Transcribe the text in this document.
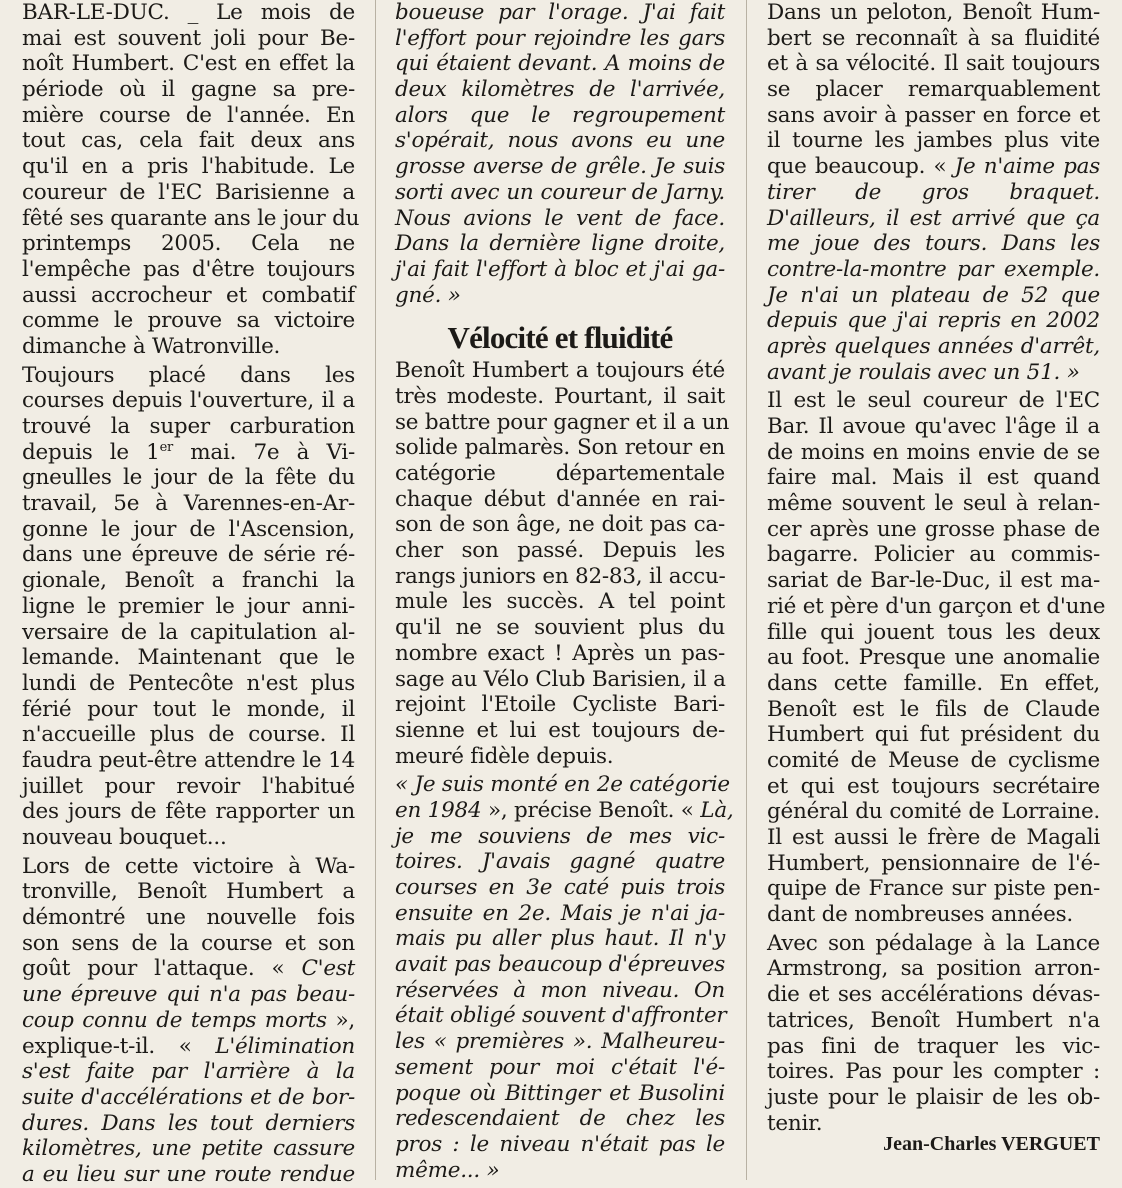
BAR-LE-DUC. _ Le mois de
mai est souvent joli pour Be-
noît Humbert. C'est en effet la
période où il gagne sa pre-
mière course de l'année. En
tout cas, cela fait deux ans
qu'il en a pris l'habitude. Le
coureur de l'EC Barisienne a
fêté ses quarante ans le jour du
printemps 2005. Cela ne
l'empêche pas d'être toujours
aussi accrocheur et combatif
comme le prouve sa victoire
dimanche à Watronville.
Toujours placé dans les
courses depuis l'ouverture, il a
trouvé la super carburation
depuis le 1er mai. 7e à Vi-
gneulles le jour de la fête du
travail, 5e à Varennes-en-Ar-
gonne le jour de l'Ascension,
dans une épreuve de série ré-
gionale, Benoît a franchi la
ligne le premier le jour anni-
versaire de la capitulation al-
lemande. Maintenant que le
lundi de Pentecôte n'est plus
férié pour tout le monde, il
n'accueille plus de course. Il
faudra peut-être attendre le 14
juillet pour revoir l'habitué
des jours de fête rapporter un
nouveau bouquet...
Lors de cette victoire à Wa-
tronville, Benoît Humbert a
démontré une nouvelle fois
son sens de la course et son
goût pour l'attaque. « C'est
une épreuve qui n'a pas beau-
coup connu de temps morts »,
explique-t-il. « L'élimination
s'est faite par l'arrière à la
suite d'accélérations et de bor-
dures. Dans les tout derniers
kilomètres, une petite cassure
a eu lieu sur une route rendue
boueuse par l'orage. J'ai fait
l'effort pour rejoindre les gars
qui étaient devant. A moins de
deux kilomètres de l'arrivée,
alors que le regroupement
s'opérait, nous avons eu une
grosse averse de grêle. Je suis
sorti avec un coureur de Jarny.
Nous avions le vent de face.
Dans la dernière ligne droite,
j'ai fait l'effort à bloc et j'ai ga-
gné. »
Vélocité et fluidité
Benoît Humbert a toujours été
très modeste. Pourtant, il sait
se battre pour gagner et il a un
solide palmarès. Son retour en
catégorie départementale
chaque début d'année en rai-
son de son âge, ne doit pas ca-
cher son passé. Depuis les
rangs juniors en 82-83, il accu-
mule les succès. A tel point
qu'il ne se souvient plus du
nombre exact ! Après un pas-
sage au Vélo Club Barisien, il a
rejoint l'Etoile Cycliste Bari-
sienne et lui est toujours de-
meuré fidèle depuis.
« Je suis monté en 2e catégorie
en 1984 », précise Benoît. « Là,
je me souviens de mes vic-
toires. J'avais gagné quatre
courses en 3e caté puis trois
ensuite en 2e. Mais je n'ai ja-
mais pu aller plus haut. Il n'y
avait pas beaucoup d'épreuves
réservées à mon niveau. On
était obligé souvent d'affronter
les « premières ». Malheureu-
sement pour moi c'était l'é-
poque où Bittinger et Busolini
redescendaient de chez les
pros : le niveau n'était pas le
même... »
Dans un peloton, Benoît Hum-
bert se reconnaît à sa fluidité
et à sa vélocité. Il sait toujours
se placer remarquablement
sans avoir à passer en force et
il tourne les jambes plus vite
que beaucoup. « Je n'aime pas
tirer de gros braquet.
D'ailleurs, il est arrivé que ça
me joue des tours. Dans les
contre-la-montre par exemple.
Je n'ai un plateau de 52 que
depuis que j'ai repris en 2002
après quelques années d'arrêt,
avant je roulais avec un 51. »
Il est le seul coureur de l'EC
Bar. Il avoue qu'avec l'âge il a
de moins en moins envie de se
faire mal. Mais il est quand
même souvent le seul à relan-
cer après une grosse phase de
bagarre. Policier au commis-
sariat de Bar-le-Duc, il est ma-
rié et père d'un garçon et d'une
fille qui jouent tous les deux
au foot. Presque une anomalie
dans cette famille. En effet,
Benoît est le fils de Claude
Humbert qui fut président du
comité de Meuse de cyclisme
et qui est toujours secrétaire
général du comité de Lorraine.
Il est aussi le frère de Magali
Humbert, pensionnaire de l'é-
quipe de France sur piste pen-
dant de nombreuses années.
Avec son pédalage à la Lance
Armstrong, sa position arron-
die et ses accélérations dévas-
tatrices, Benoît Humbert n'a
pas fini de traquer les vic-
toires. Pas pour les compter :
juste pour le plaisir de les ob-
tenir.
Jean-Charles VERGUET
